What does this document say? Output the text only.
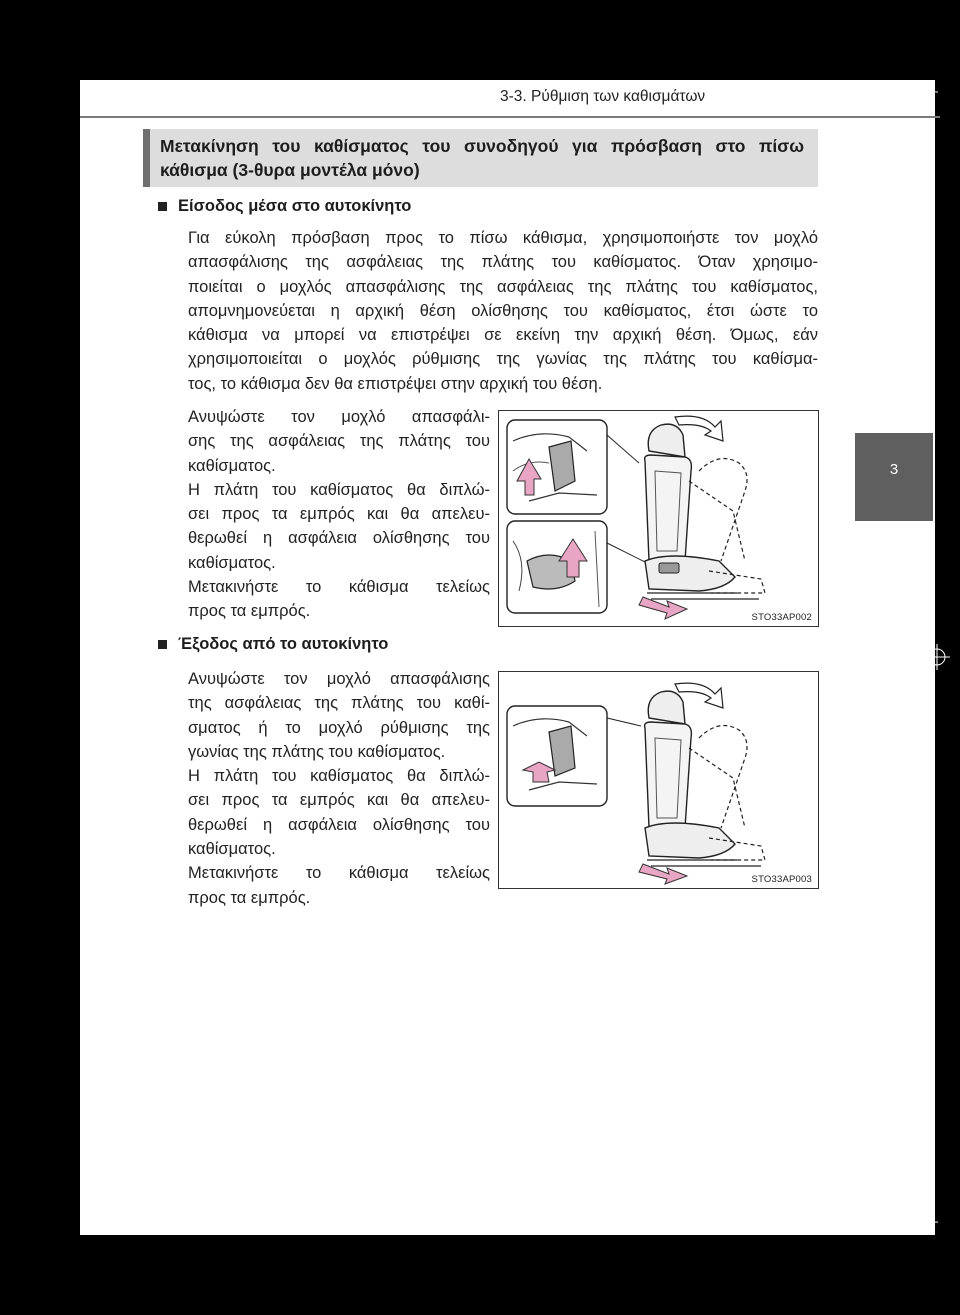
3-3. Ρύθμιση των καθισμάτων
Μετακίνηση του καθίσματος του συνοδηγού για πρόσβαση στο πίσω
κάθισμα (3-θυρα μοντέλα μόνο)
Είσοδος μέσα στο αυτοκίνητο
Για εύκολη πρόσβαση προς το πίσω κάθισμα, χρησιμοποιήστε τον μοχλό
απασφάλισης της ασφάλειας της πλάτης του καθίσματος. Όταν χρησιμο-
ποιείται ο μοχλός απασφάλισης της ασφάλειας της πλάτης του καθίσματος,
απομνημονεύεται η αρχική θέση ολίσθησης του καθίσματος, έτσι ώστε το
κάθισμα να μπορεί να επιστρέψει σε εκείνη την αρχική θέση. Όμως, εάν
χρησιμοποιείται ο μοχλός ρύθμισης της γωνίας της πλάτης του καθίσμα-
τος, το κάθισμα δεν θα επιστρέψει στην αρχική του θέση.
Ανυψώστε τον μοχλό απασφάλι-
σης της ασφάλειας της πλάτης του
καθίσματος.
Η πλάτη του καθίσματος θα διπλώ-
σει προς τα εμπρός και θα απελευ-
θερωθεί η ασφάλεια ολίσθησης του
καθίσματος.
Μετακινήστε το κάθισμα τελείως
προς τα εμπρός.	STO33AP002
Έξοδος από το αυτοκίνητο
Ανυψώστε τον μοχλό απασφάλισης
της ασφάλειας της πλάτης του καθί-
σματος ή το μοχλό ρύθμισης της
γωνίας της πλάτης του καθίσματος.
Η πλάτη του καθίσματος θα διπλώ-
σει προς τα εμπρός και θα απελευ-
θερωθεί η ασφάλεια ολίσθησης του
καθίσματος.
Μετακινήστε το κάθισμα τελείως
προς τα εμπρός.
STO33AP003
3
Λειτουργία καθενός εξαρτήματος
